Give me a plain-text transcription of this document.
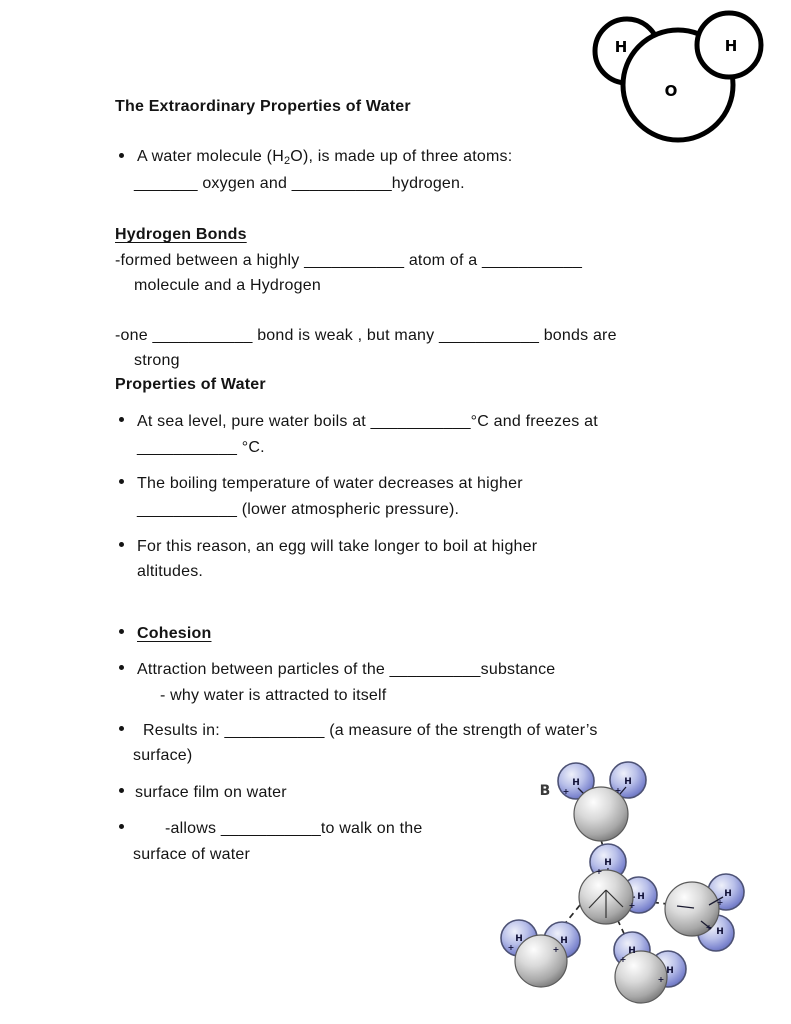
The Extraordinary Properties of Water
A water molecule $(H_2O)$, is made up of three atoms:
_______ oxygen and ___________hydrogen.
Hydrogen Bonds
-formed between a highly ___________ atom of a ___________
molecule and a Hydrogen
-one ___________ bond is weak , but many ___________ bonds are
strong
Properties of Water
At sea level, pure water boils at ___________°C and freezes at
___________ °C.
The boiling temperature of water decreases at higher
___________ (lower atmospheric pressure).
For this reason, an egg will take longer to boil at higher
altitudes.
Cohesion
Attraction between particles of the __________substance
- why water is attracted to itself
Results in: ___________ (a measure of the strength of water’s
surface)
surface film on water
-allows ___________to walk on the
surface of water
H	H
O
B H
+
H
+
H
+
H
+
H
+
H
+
H
+
H
+	H
+
H
+
